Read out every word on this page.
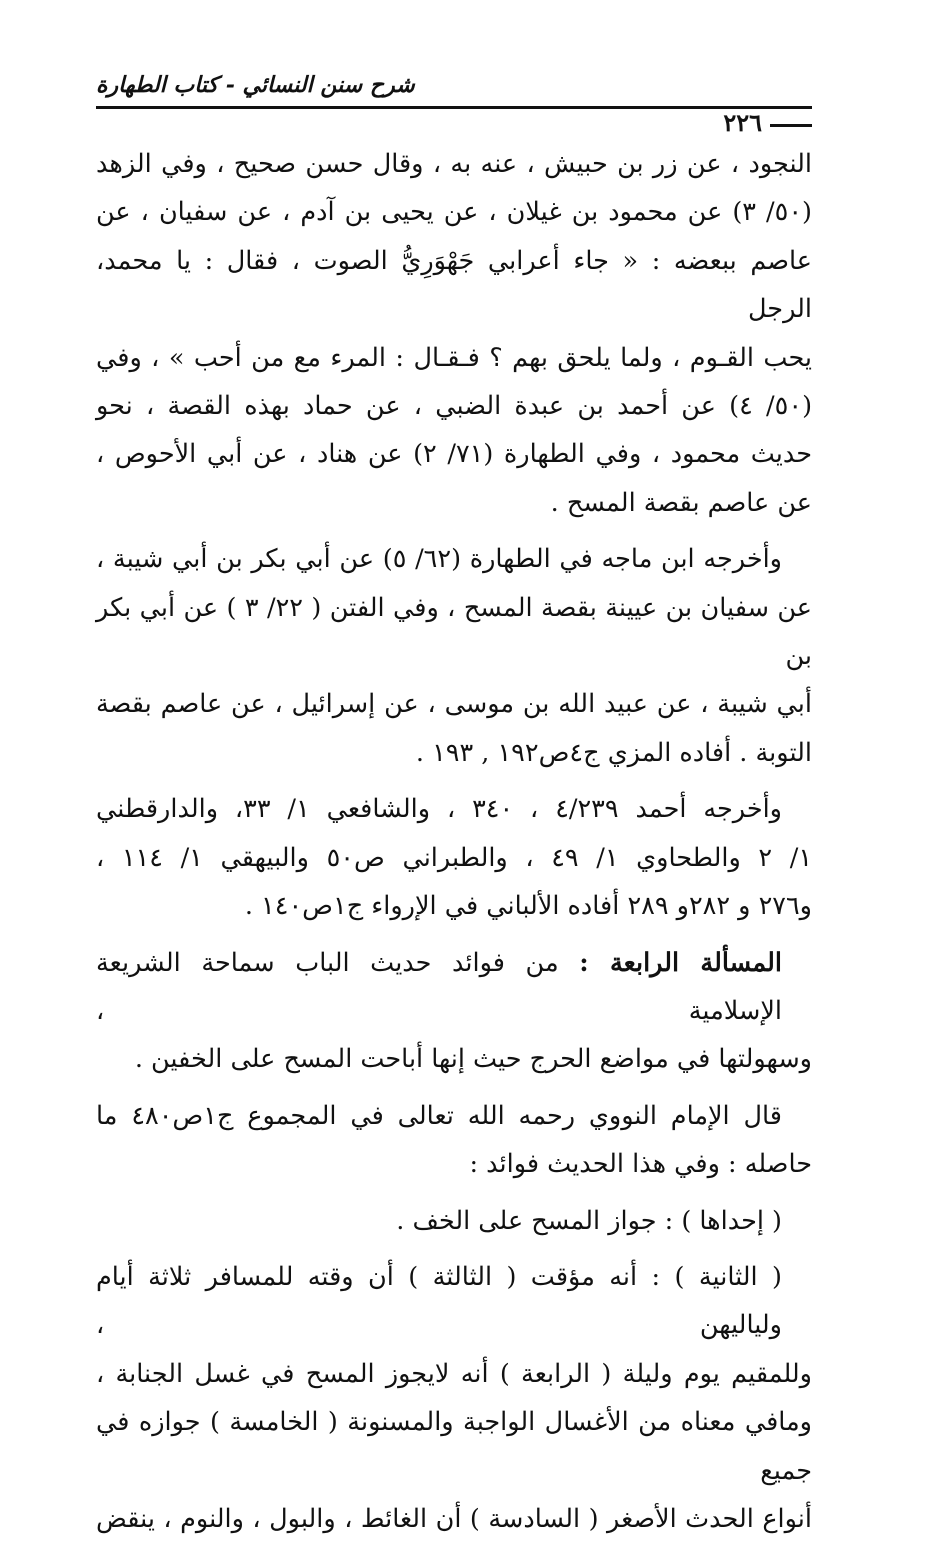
شرح سنن النسائي - كتاب الطهارة
٢٢٦
النجود ، عن زر بن حبيش ، عنه به ، وقال حسن صحيح ، وفي الزهد
(٥٠/ ٣) عن محمود بن غيلان ، عن يحيى بن آدم ، عن سفيان ، عن
عاصم ببعضه : « جاء أعرابي جَهْوَرِيُّ الصوت ، فقال : يا محمد، الرجل
يحب القـوم ، ولما يلحق بهم ؟ فـقـال : المرء مع من أحب » ، وفي
(٥٠/ ٤) عن أحمد بن عبدة الضبي ، عن حماد بهذه القصة ، نحو
حديث محمود ، وفي الطهارة (٧١/ ٢) عن هناد ، عن أبي الأحوص ،
عن عاصم بقصة المسح .
وأخرجه ابن ماجه في الطهارة (٦٢/ ٥) عن أبي بكر بن أبي شيبة ،
عن سفيان بن عيينة بقصة المسح ، وفي الفتن ( ٢٢/ ٣ ) عن أبي بكر بن
أبي شيبة ، عن عبيد الله بن موسى ، عن إسرائيل ، عن عاصم بقصة
التوبة . أفاده المزي ج٤ص١٩٢ , ١٩٣ .
وأخرجه أحمد ٤/٢٣٩ ، ٣٤٠ ، والشافعي ١/ ٣٣، والدارقطني
١/ ٢ والطحاوي ١/ ٤٩ ، والطبراني ص٥٠ والبيهقي ١/ ١١٤ ،
و٢٧٦ و ٢٨٢و ٢٨٩ أفاده الألباني في الإرواء ج١ص١٤٠ .
المسألة الرابعة : من فوائد حديث الباب سماحة الشريعة الإسلامية ،
وسهولتها في مواضع الحرج حيث إنها أباحت المسح على الخفين .
قال الإمام النووي رحمه الله تعالى في المجموع ج١ص٤٨٠ ما
حاصله : وفي هذا الحديث فوائد :
( إحداها ) : جواز المسح على الخف .
( الثانية ) : أنه مؤقت ( الثالثة ) أن وقته للمسافر ثلاثة أيام ولياليهن ،
وللمقيم يوم وليلة ( الرابعة ) أنه لايجوز المسح في غسل الجنابة ،
ومافي معناه من الأغسال الواجبة والمسنونة ( الخامسة ) جوازه في جميع
أنواع الحدث الأصغر ( السادسة ) أن الغائط ، والبول ، والنوم ، ينقض
